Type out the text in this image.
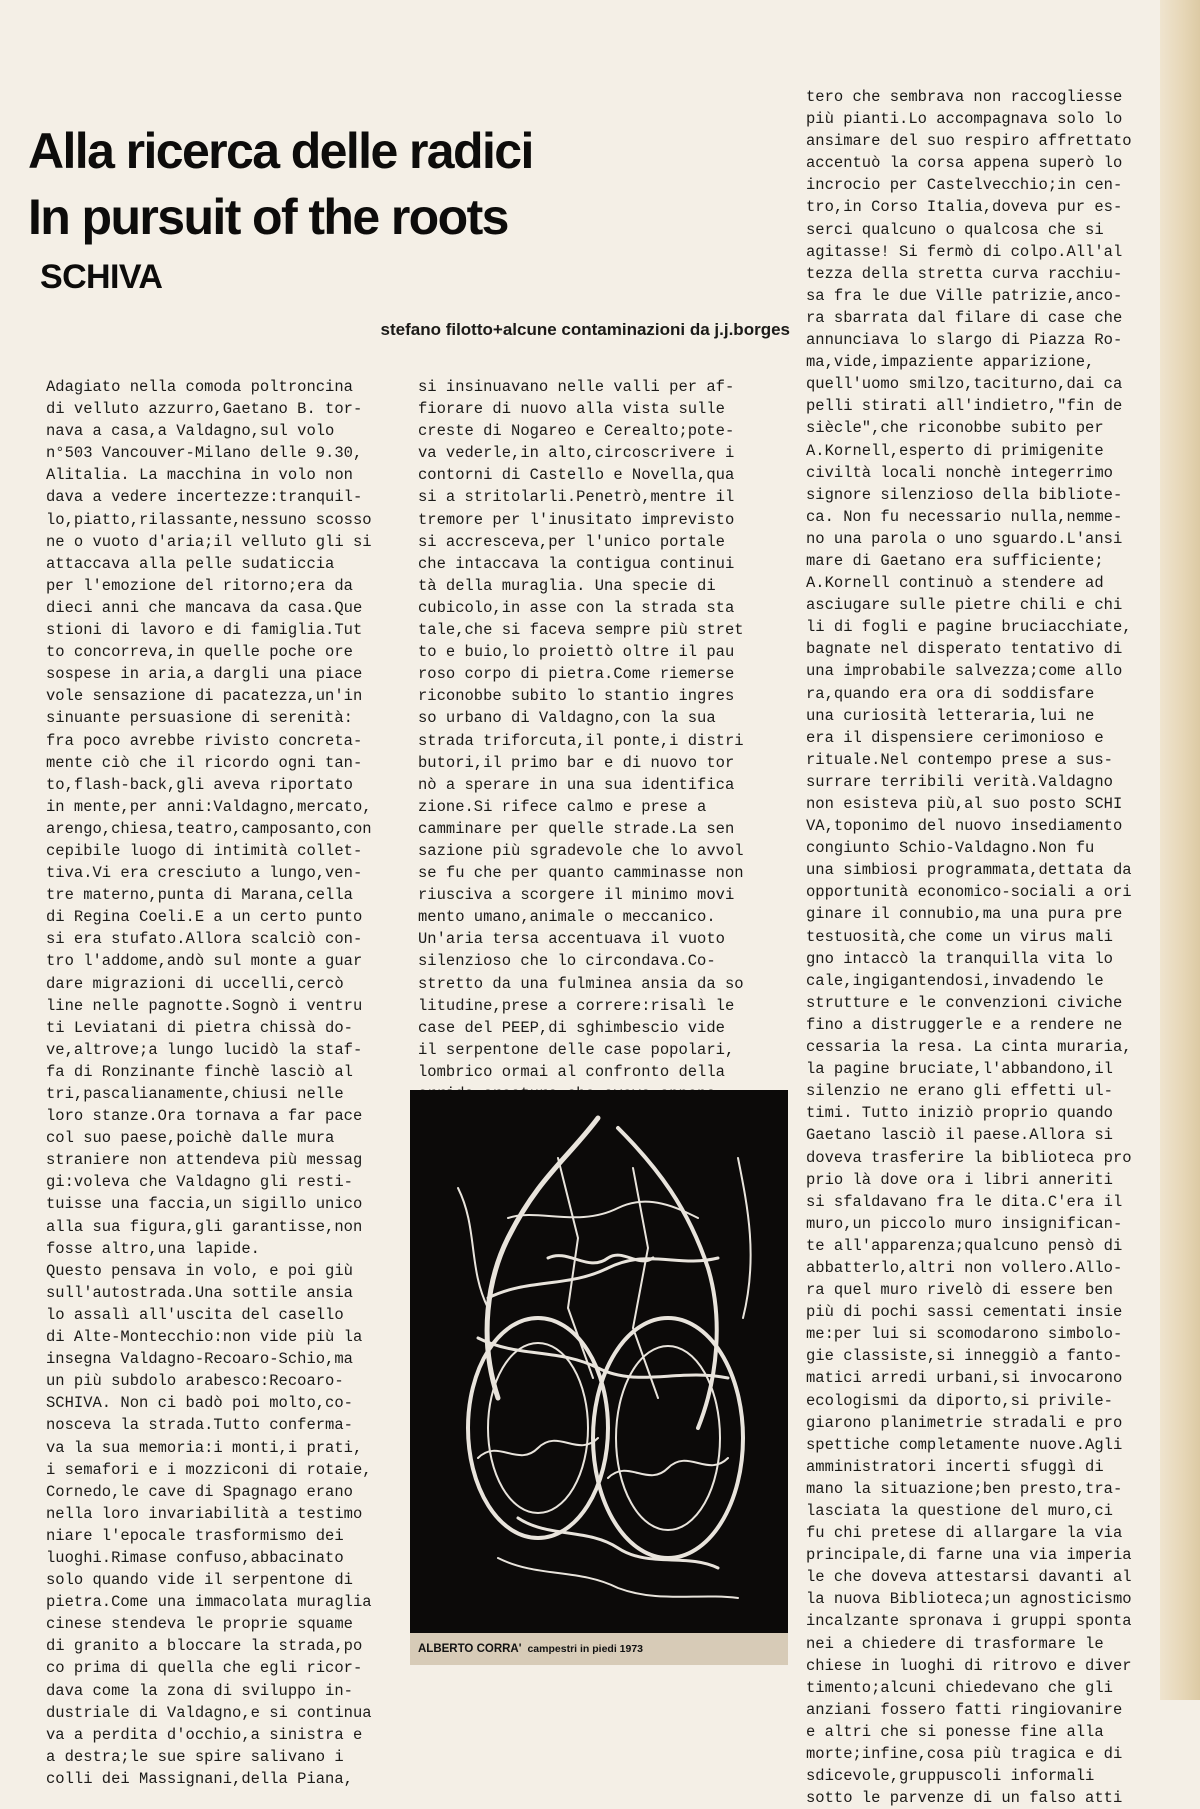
Alla ricerca delle radici
In pursuit of the roots
SCHIVA

stefano filotto+alcune contaminazioni da j.j.borges

Adagiato nella comoda poltroncina
di velluto azzurro,Gaetano B. tor-
nava a casa,a Valdagno,sul volo
n°503 Vancouver-Milano delle 9.30,
Alitalia. La macchina in volo non
dava a vedere incertezze:tranquil-
lo,piatto,rilassante,nessuno scosso
ne o vuoto d'aria;il velluto gli si
attaccava alla pelle sudaticcia
per l'emozione del ritorno;era da
dieci anni che mancava da casa.Que
stioni di lavoro e di famiglia.Tut
to concorreva,in quelle poche ore
sospese in aria,a dargli una piace
vole sensazione di pacatezza,un'in
sinuante persuasione di serenità:
fra poco avrebbe rivisto concreta-
mente ciò che il ricordo ogni tan-
to,flash-back,gli aveva riportato
in mente,per anni:Valdagno,mercato,
arengo,chiesa,teatro,camposanto,con
cepibile luogo di intimità collet-
tiva.Vi era cresciuto a lungo,ven-
tre materno,punta di Marana,cella
di Regina Coeli.E a un certo punto
si era stufato.Allora scalciò con-
tro l'addome,andò sul monte a guar
dare migrazioni di uccelli,cercò
line nelle pagnotte.Sognò i ventru
ti Leviatani di pietra chissà do-
ve,altrove;a lungo lucidò la staf-
fa di Ronzinante finchè lasciò al
tri,pascalianamente,chiusi nelle
loro stanze.Ora tornava a far pace
col suo paese,poichè dalle mura
straniere non attendeva più messag
gi:voleva che Valdagno gli resti-
tuisse una faccia,un sigillo unico
alla sua figura,gli garantisse,non
fosse altro,una lapide.
Questo pensava in volo, e poi giù
sull'autostrada.Una sottile ansia
lo assalì all'uscita del casello
di Alte-Montecchio:non vide più la
insegna Valdagno-Recoaro-Schio,ma
un più subdolo arabesco:Recoaro-
SCHIVA. Non ci badò poi molto,co-
nosceva la strada.Tutto conferma-
va la sua memoria:i monti,i prati,
i semafori e i mozziconi di rotaie,
Cornedo,le cave di Spagnago erano
nella loro invariabilità a testimo
niare l'epocale trasformismo dei
luoghi.Rimase confuso,abbacinato
solo quando vide il serpentone di
pietra.Come una immacolata muraglia
cinese stendeva le proprie squame
di granito a bloccare la strada,po
co prima di quella che egli ricor-
dava come la zona di sviluppo in-
dustriale di Valdagno,e si continua
va a perdita d'occhio,a sinistra e
a destra;le sue spire salivano i
colli dei Massignani,della Piana,

si insinuavano nelle valli per af-
fiorare di nuovo alla vista sulle
creste di Nogareo e Cerealto;pote-
va vederle,in alto,circoscrivere i
contorni di Castello e Novella,qua
si a stritolarli.Penetrò,mentre il
tremore per l'inusitato imprevisto
si accresceva,per l'unico portale
che intaccava la contigua continui
tà della muraglia. Una specie di
cubicolo,in asse con la strada sta
tale,che si faceva sempre più stret
to e buio,lo proiettò oltre il pau
roso corpo di pietra.Come riemerse
riconobbe subito lo stantio ingres
so urbano di Valdagno,con la sua
strada triforcuta,il ponte,i distri
butori,il primo bar e di nuovo tor
nò a sperare in una sua identifica
zione.Si rifece calmo e prese a
camminare per quelle strade.La sen
sazione più sgradevole che lo avvol
se fu che per quanto camminasse non
riusciva a scorgere il minimo movi
mento umano,animale o meccanico.
Un'aria tersa accentuava il vuoto
silenzioso che lo circondava.Co-
stretto da una fulminea ansia da so
litudine,prese a correre:risalì le
case del PEEP,di sghimbescio vide
il serpentone delle case popolari,
lombrico ormai al confronto della

tero che sembrava non raccogliesse
più pianti.Lo accompagnava solo lo
ansimare del suo respiro affrettato
accentuò la corsa appena superò lo
incrocio per Castelvecchio;in cen-
tro,in Corso Italia,doveva pur es-
serci qualcuno o qualcosa che si
agitasse! Si fermò di colpo.All'al
tezza della stretta curva racchiu-
sa fra le due Ville patrizie,anco-
ra sbarrata dal filare di case che
annunciava lo slargo di Piazza Ro-
ma,vide,impaziente apparizione,
quell'uomo smilzo,taciturno,dai ca
pelli stirati all'indietro,"fin de
siècle",che riconobbe subito per
A.Kornell,esperto di primigenite
civiltà locali nonchè integerrimo
signore silenzioso della bibliote-
ca. Non fu necessario nulla,nemme-
no una parola o uno sguardo.L'ansi
mare di Gaetano era sufficiente;
A.Kornell continuò a stendere ad
asciugare sulle pietre chili e chi
li di fogli e pagine bruciacchiate,
bagnate nel disperato tentativo di
una improbabile salvezza;come allo
ra,quando era ora di soddisfare
una curiosità letteraria,lui ne
era il dispensiere cerimonioso e
rituale.Nel contempo prese a sus-
surrare terribili verità.Valdagno
non esisteva più,al suo posto SCHI
VA,toponimo del nuovo insediamento
congiunto Schio-Valdagno.Non fu
una simbiosi programmata,dettata da
opportunità economico-sociali a ori
ginare il connubio,ma una pura pre
testuosità,che come un virus mali
gno intaccò la tranquilla vita lo
cale,ingigantendosi,invadendo le
strutture e le convenzioni civiche
fino a distruggerle e a rendere ne
cessaria la resa. La cinta muraria,
la pagine bruciate,l'abbandono,il
silenzio ne erano gli effetti ul-
timi. Tutto iniziò proprio quando
Gaetano lasciò il paese.Allora si
doveva trasferire la biblioteca pro
prio là dove ora i libri anneriti
si sfaldavano fra le dita.C'era il
muro,un piccolo muro insignifican-
te all'apparenza;qualcuno pensò di
abbatterlo,altri non vollero.Allo-
ra quel muro rivelò di essere ben
più di pochi sassi cementati insie
me:per lui si scomodarono simbolo-
gie classiste,si inneggiò a fanto-
matici arredi urbani,si invocarono
ecologismi da diporto,si privile-
giarono planimetrie stradali e pro
spettiche completamente nuove.Agli
amministratori incerti sfuggì di
mano la situazione;ben presto,tra-
lasciata la questione del muro,ci
fu chi pretese di allargare la via
principale,di farne una via imperia
le che doveva attestarsi davanti al
la nuova Biblioteca;un agnosticismo
incalzante spronava i gruppi sponta
nei a chiedere di trasformare le
chiese in luoghi di ritrovo e diver
timento;alcuni chiedevano che gli
anziani fossero fatti ringiovanire
e altri che si ponesse fine alla
morte;infine,cosa più tragica e di
sdicevole,gruppuscoli informali
sotto le parvenze di un falso atti

ALBERTO CORRA' campestri in piedi 1973
